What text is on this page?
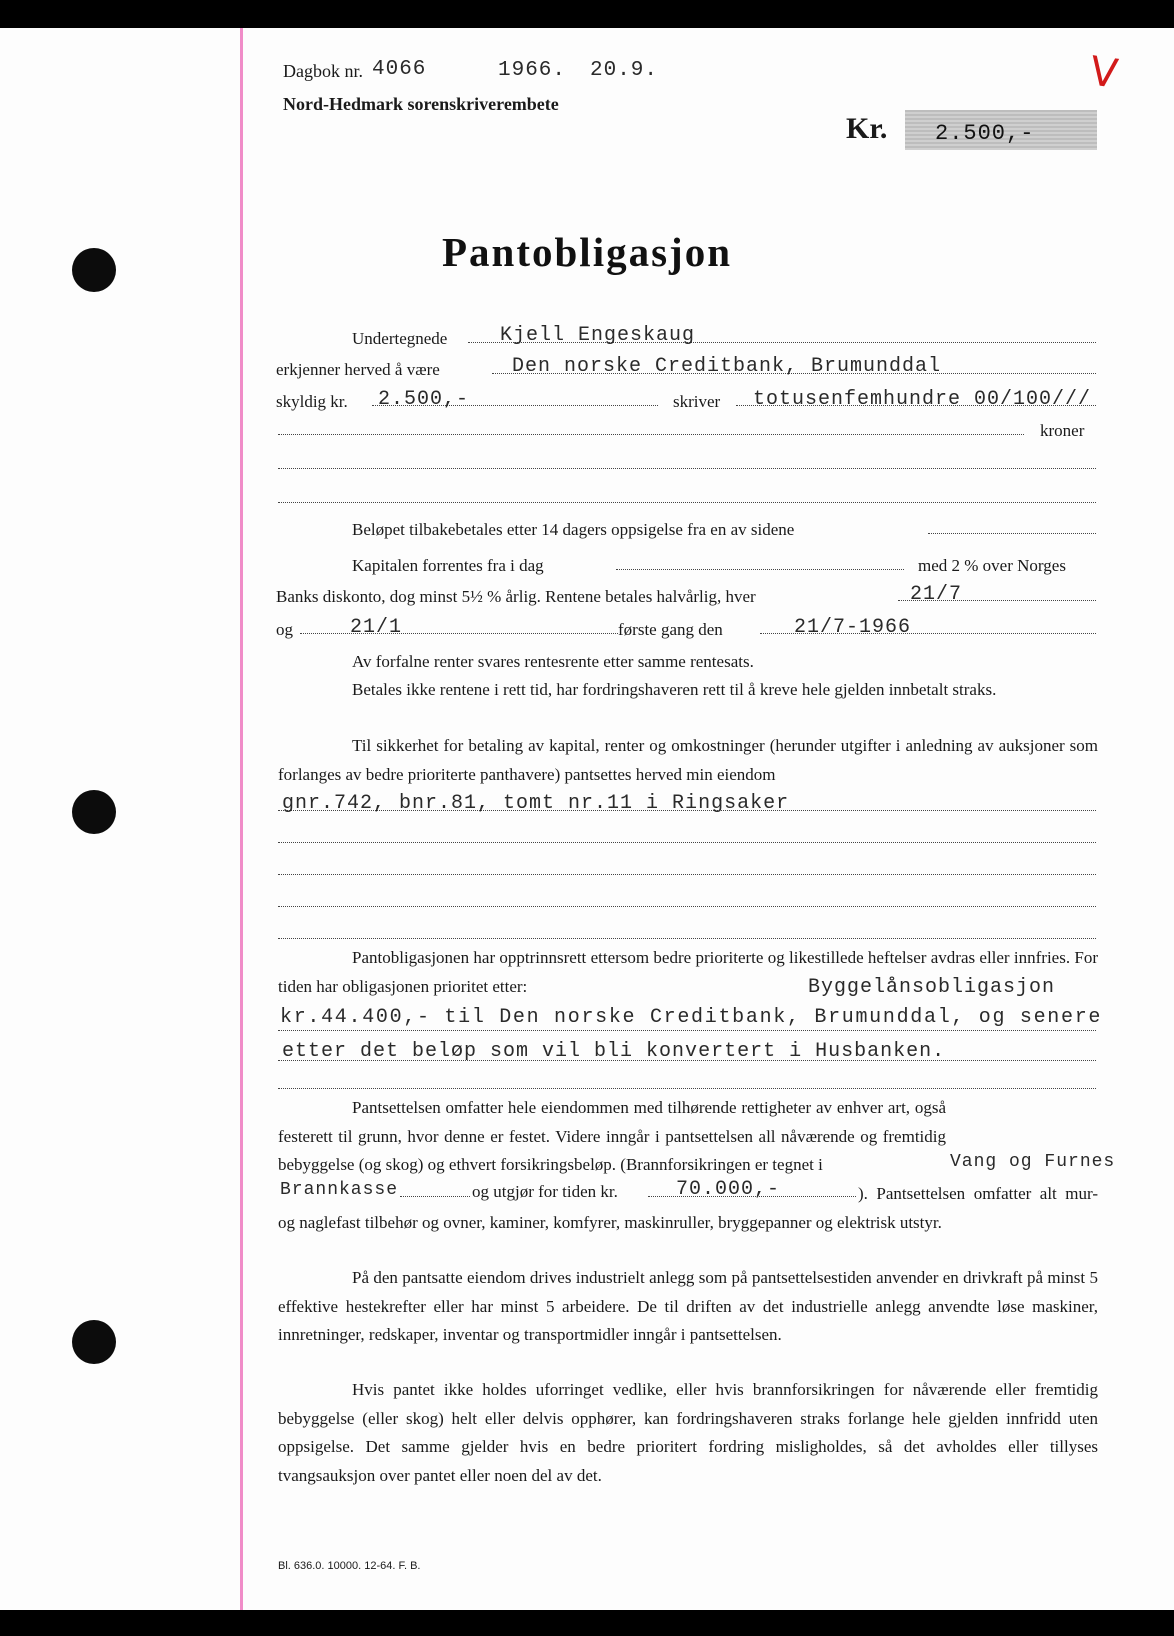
Dagbok nr. 4066	1966. 20.9.
Nord-Hedmark sorenskriverembete
V
Kr. 2.500,-
Pantobligasjon
Undertegnede	Kjell Engeskaug
erkjenner herved å være	Den norske Creditbank, Brumunddal
skyldig kr. 2.500,-	skriver totusenfemhundre 00/100///
kroner
Beløpet tilbakebetales etter 14 dagers oppsigelse fra en av sidene
Kapitalen forrentes fra i dag	med 2 % over Norges
Banks diskonto, dog minst 5½ % årlig. Rentene betales halvårlig, hver	21/7
og	21/1	første gang den	21/7-1966
Av forfalne renter svares rentesrente etter samme rentesats.
Betales ikke rentene i rett tid, har fordringshaveren rett til å kreve hele gjelden innbetalt straks.
Til sikkerhet for betaling av kapital, renter og omkostninger (herunder utgifter i anledning av auksjoner som forlanges av bedre prioriterte panthavere) pantsettes herved min eiendom
gnr.742, bnr.81, tomt nr.11 i Ringsaker
Pantobligasjonen har opptrinnsrett ettersom bedre prioriterte og likestillede heftelser avdras eller innfries. For tiden har obligasjonen prioritet etter:	Byggelånsobligasjon
kr.44.400,- til Den norske Creditbank, Brumunddal, og senere
etter det beløp som vil bli konvertert i Husbanken.
Pantsettelsen omfatter hele eiendommen med tilhørende rettigheter av enhver art, også festerett til grunn, hvor denne er festet. Videre inngår i pantsettelsen all nåværende og fremtidig bebyggelse (og skog) og ethvert forsikringsbeløp. (Brannforsikringen er tegnet i	Vang og Furnes
Brannkasse	og utgjør for tiden kr.	70.000,-	). Pantsettelsen omfatter alt mur- og naglefast tilbehør og ovner, kaminer, komfyrer, maskinruller, bryggepanner og elektrisk utstyr.
På den pantsatte eiendom drives industrielt anlegg som på pantsettelsestiden anvender en drivkraft på minst 5 effektive hestekrefter eller har minst 5 arbeidere. De til driften av det industrielle anlegg anvendte løse maskiner, innretninger, redskaper, inventar og transportmidler inngår i pantsettelsen.
Hvis pantet ikke holdes uforringet vedlike, eller hvis brannforsikringen for nåværende eller fremtidig bebyggelse (eller skog) helt eller delvis opphører, kan fordringshaveren straks forlange hele gjelden innfridd uten oppsigelse. Det samme gjelder hvis en bedre prioritert fordring misligholdes, så det avholdes eller tillyses tvangsauksjon over pantet eller noen del av det.
Bl. 636.0. 10000. 12-64. F. B.
